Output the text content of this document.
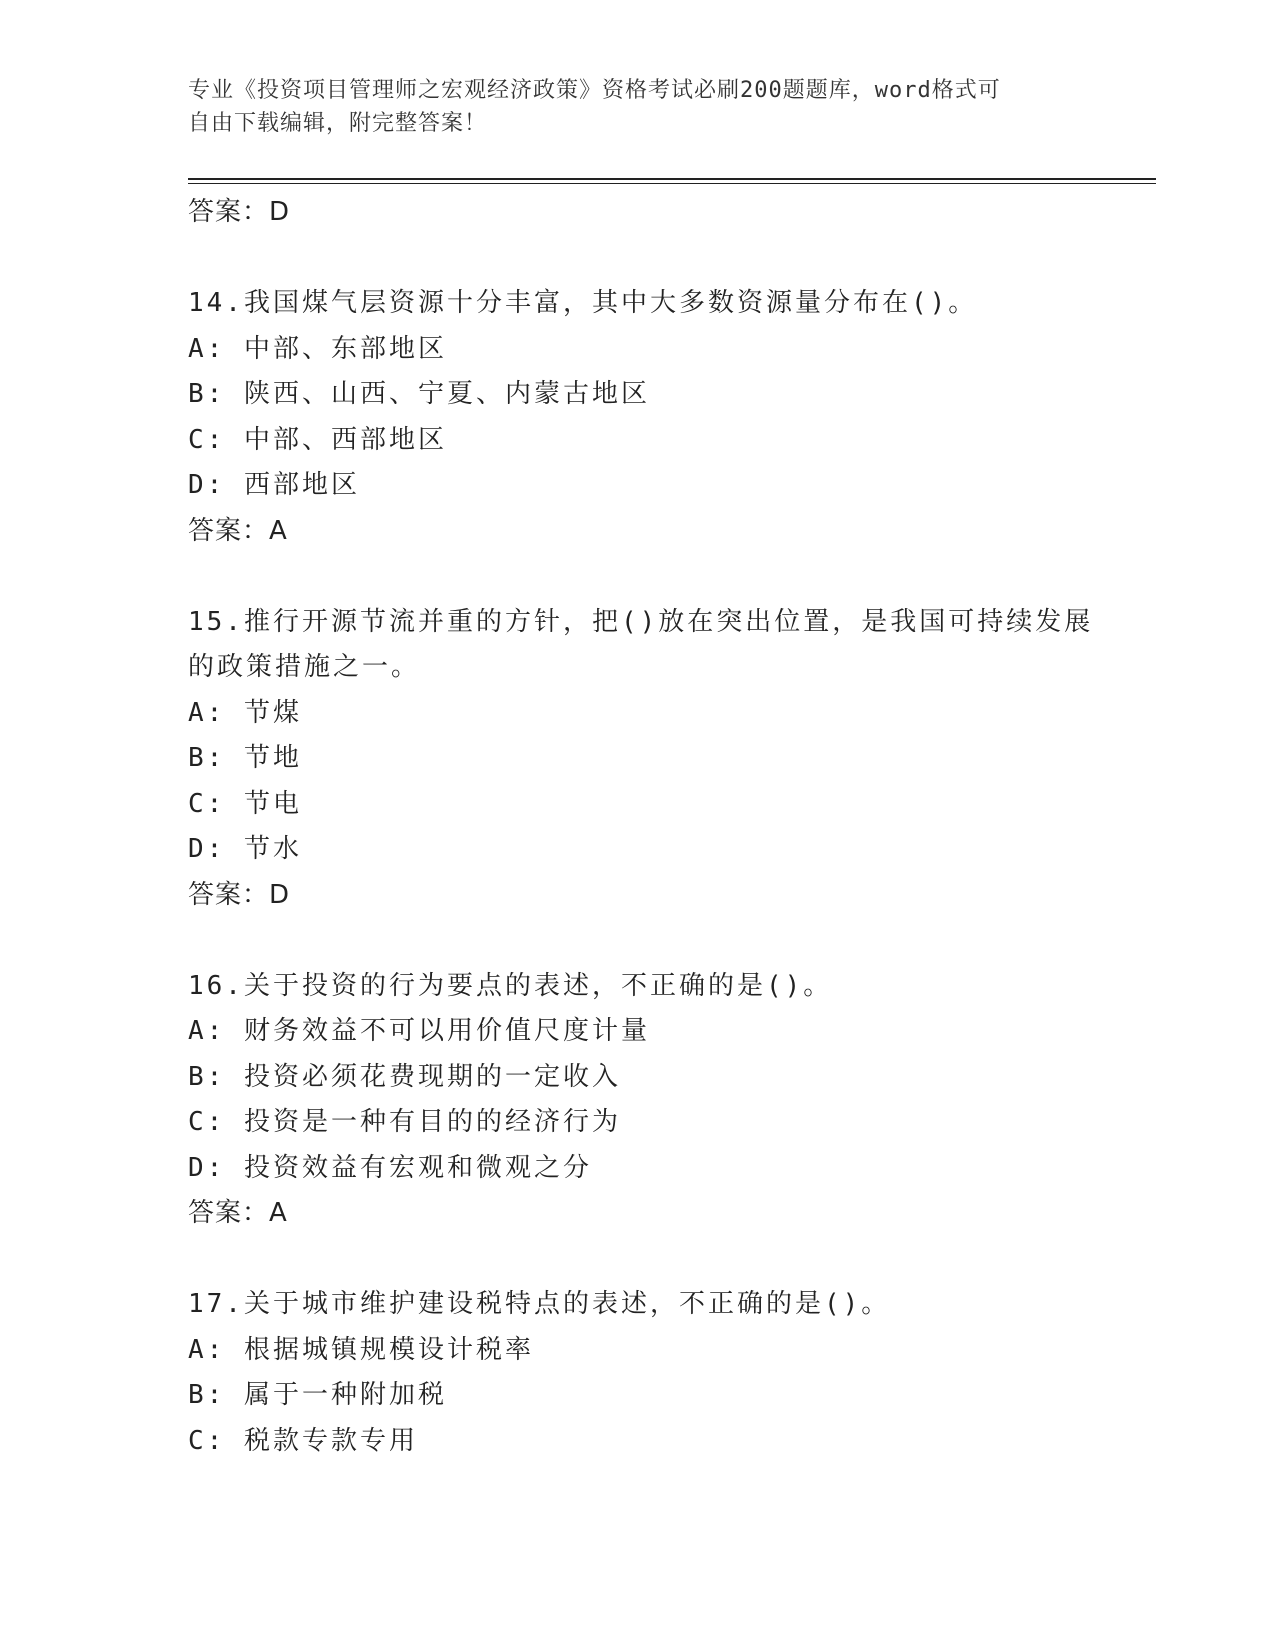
专业《投资项目管理师之宏观经济政策》资格考试必刷200题题库，word格式可
自由下载编辑，附完整答案！
答案：D
14.我国煤气层资源十分丰富，其中大多数资源量分布在()。
A: 中部、东部地区
B: 陕西、山西、宁夏、内蒙古地区
C: 中部、西部地区
D: 西部地区
答案：A
15.推行开源节流并重的方针，把()放在突出位置，是我国可持续发展
的政策措施之一。
A: 节煤
B: 节地
C: 节电
D: 节水
答案：D
16.关于投资的行为要点的表述，不正确的是()。
A: 财务效益不可以用价值尺度计量
B: 投资必须花费现期的一定收入
C: 投资是一种有目的的经济行为
D: 投资效益有宏观和微观之分
答案：A
17.关于城市维护建设税特点的表述，不正确的是()。
A: 根据城镇规模设计税率
B: 属于一种附加税
C: 税款专款专用
